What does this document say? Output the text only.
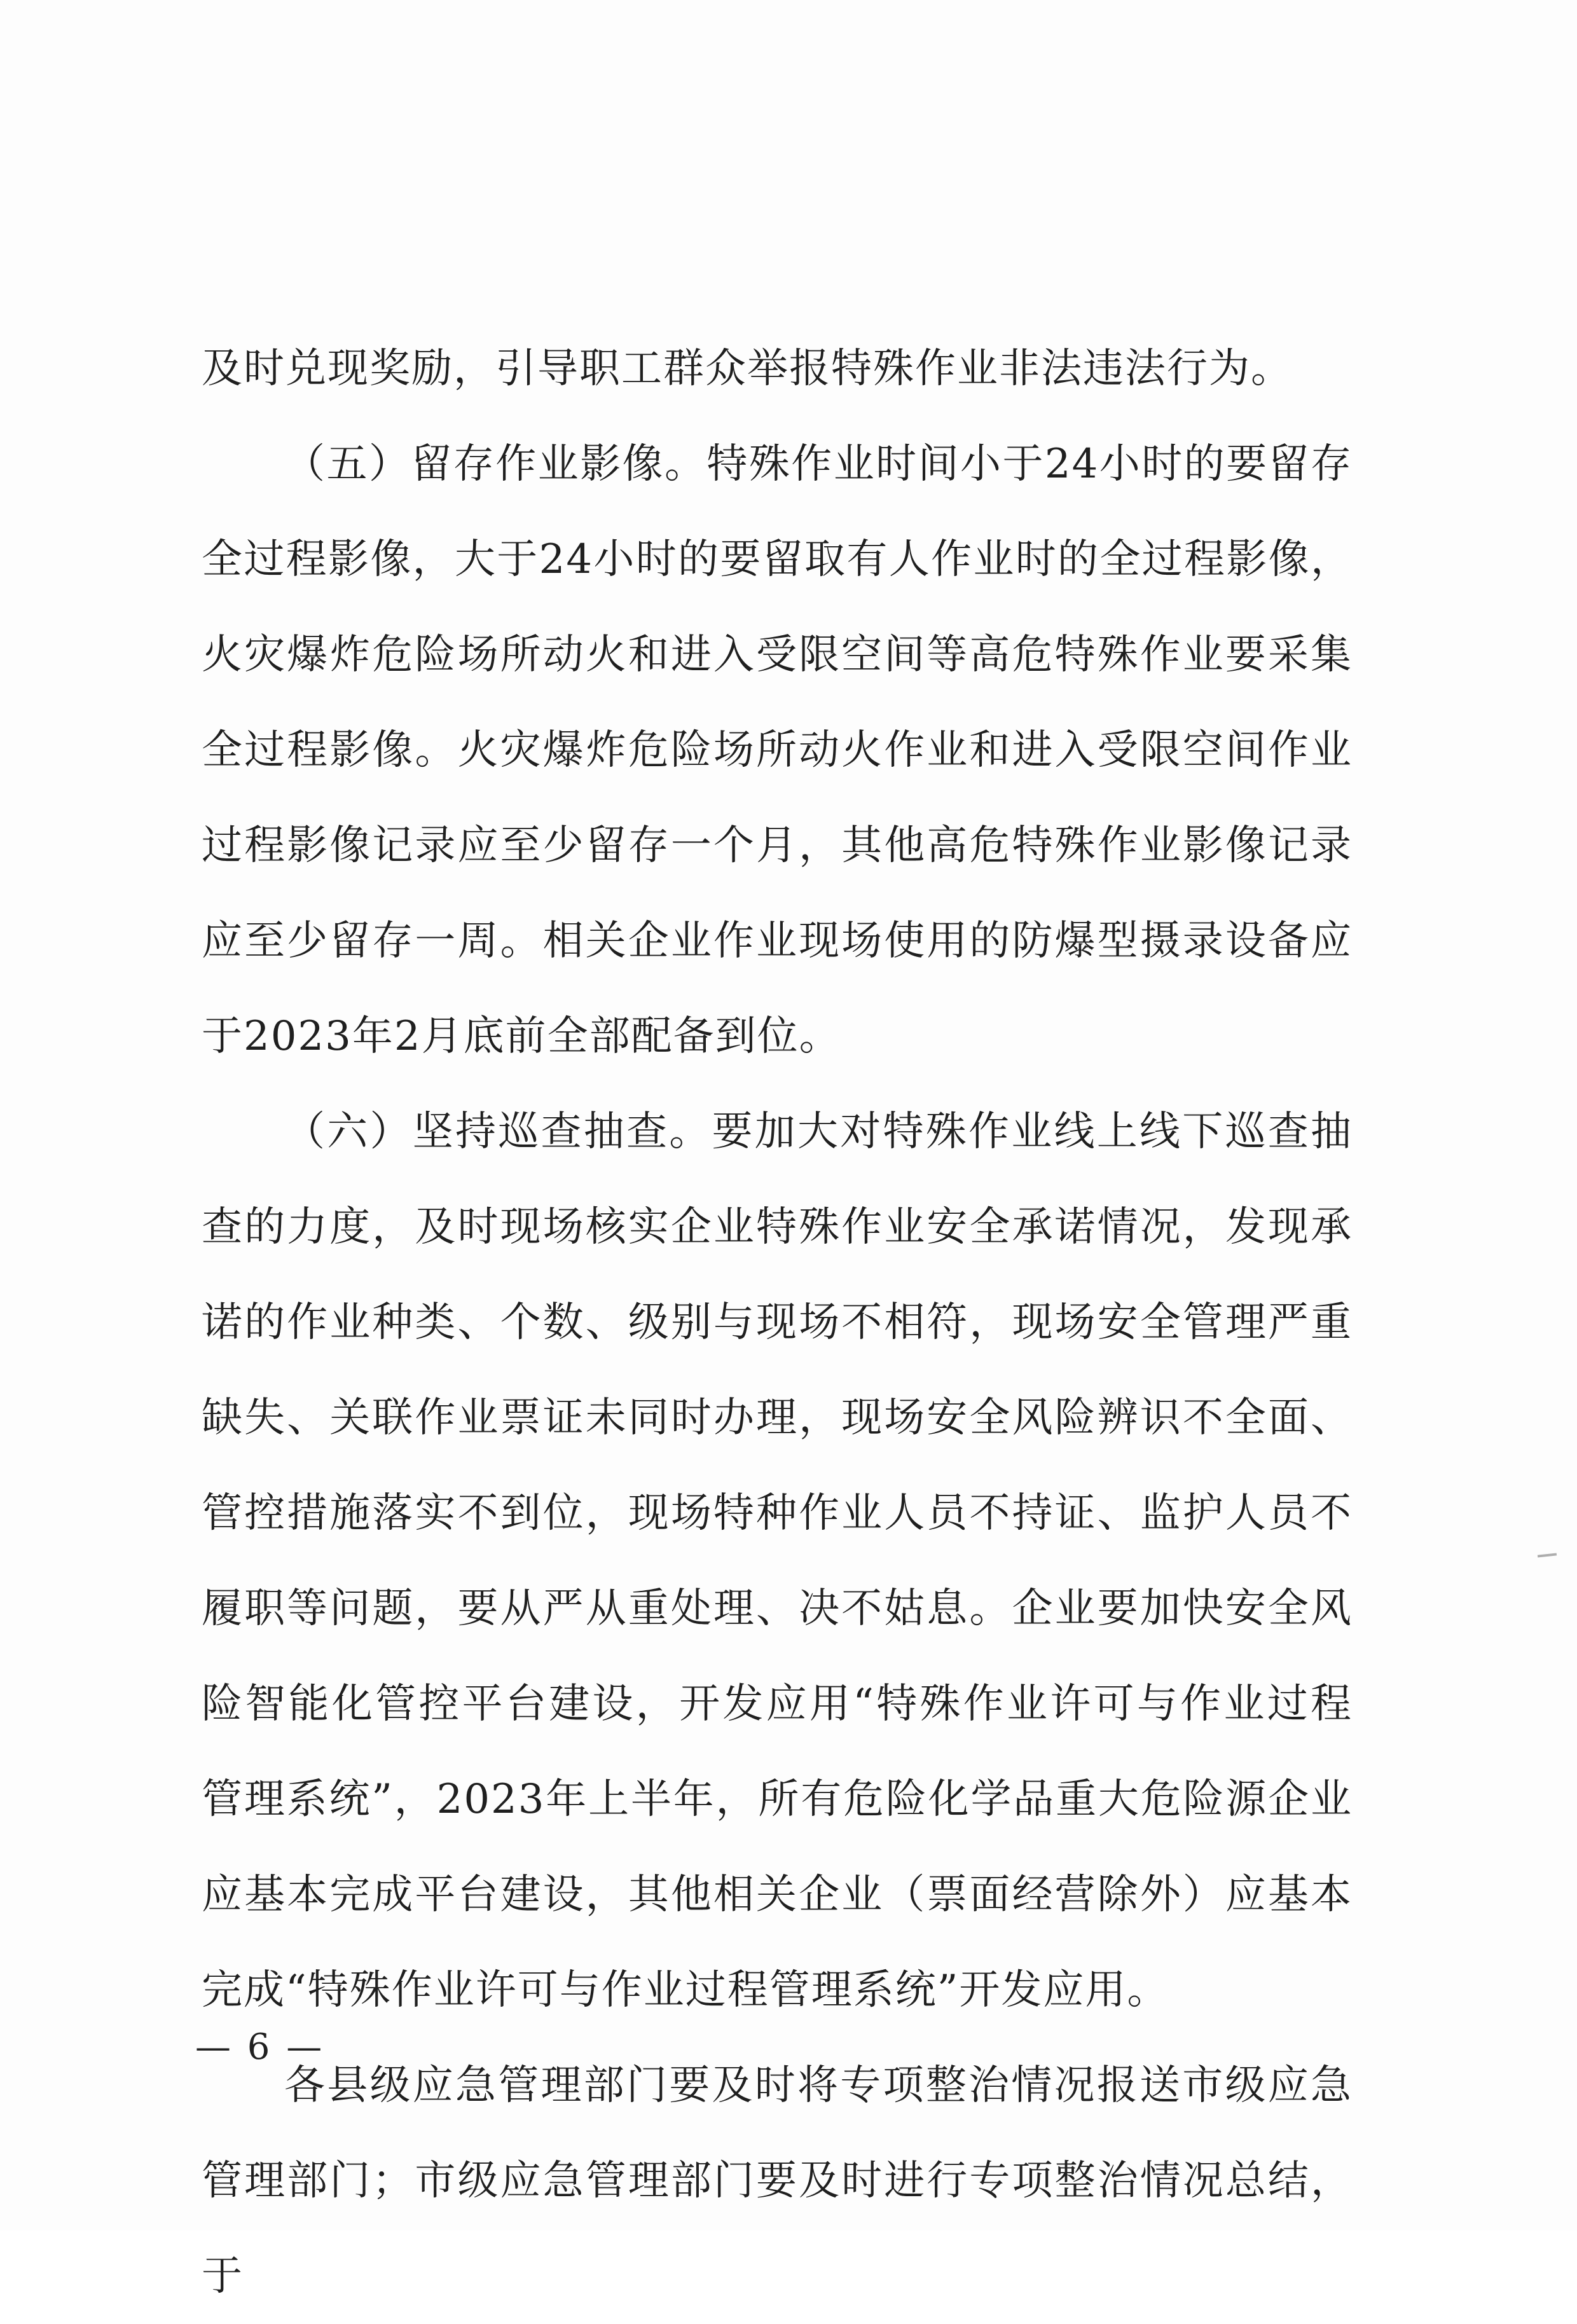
及时兑现奖励，引导职工群众举报特殊作业非法违法行为。

（五）留存作业影像。特殊作业时间小于24小时的要留存全过程影像，大于24小时的要留取有人作业时的全过程影像，火灾爆炸危险场所动火和进入受限空间等高危特殊作业要采集全过程影像。火灾爆炸危险场所动火作业和进入受限空间作业过程影像记录应至少留存一个月，其他高危特殊作业影像记录应至少留存一周。相关企业作业现场使用的防爆型摄录设备应于2023年2月底前全部配备到位。

（六）坚持巡查抽查。要加大对特殊作业线上线下巡查抽查的力度，及时现场核实企业特殊作业安全承诺情况，发现承诺的作业种类、个数、级别与现场不相符，现场安全管理严重缺失、关联作业票证未同时办理，现场安全风险辨识不全面、管控措施落实不到位，现场特种作业人员不持证、监护人员不履职等问题，要从严从重处理、决不姑息。企业要加快安全风险智能化管控平台建设，开发应用“特殊作业许可与作业过程管理系统”，2023年上半年，所有危险化学品重大危险源企业应基本完成平台建设，其他相关企业（票面经营除外）应基本完成“特殊作业许可与作业过程管理系统”开发应用。

各县级应急管理部门要及时将专项整治情况报送市级应急管理部门；市级应急管理部门要及时进行专项整治情况总结，于

— 6 —
